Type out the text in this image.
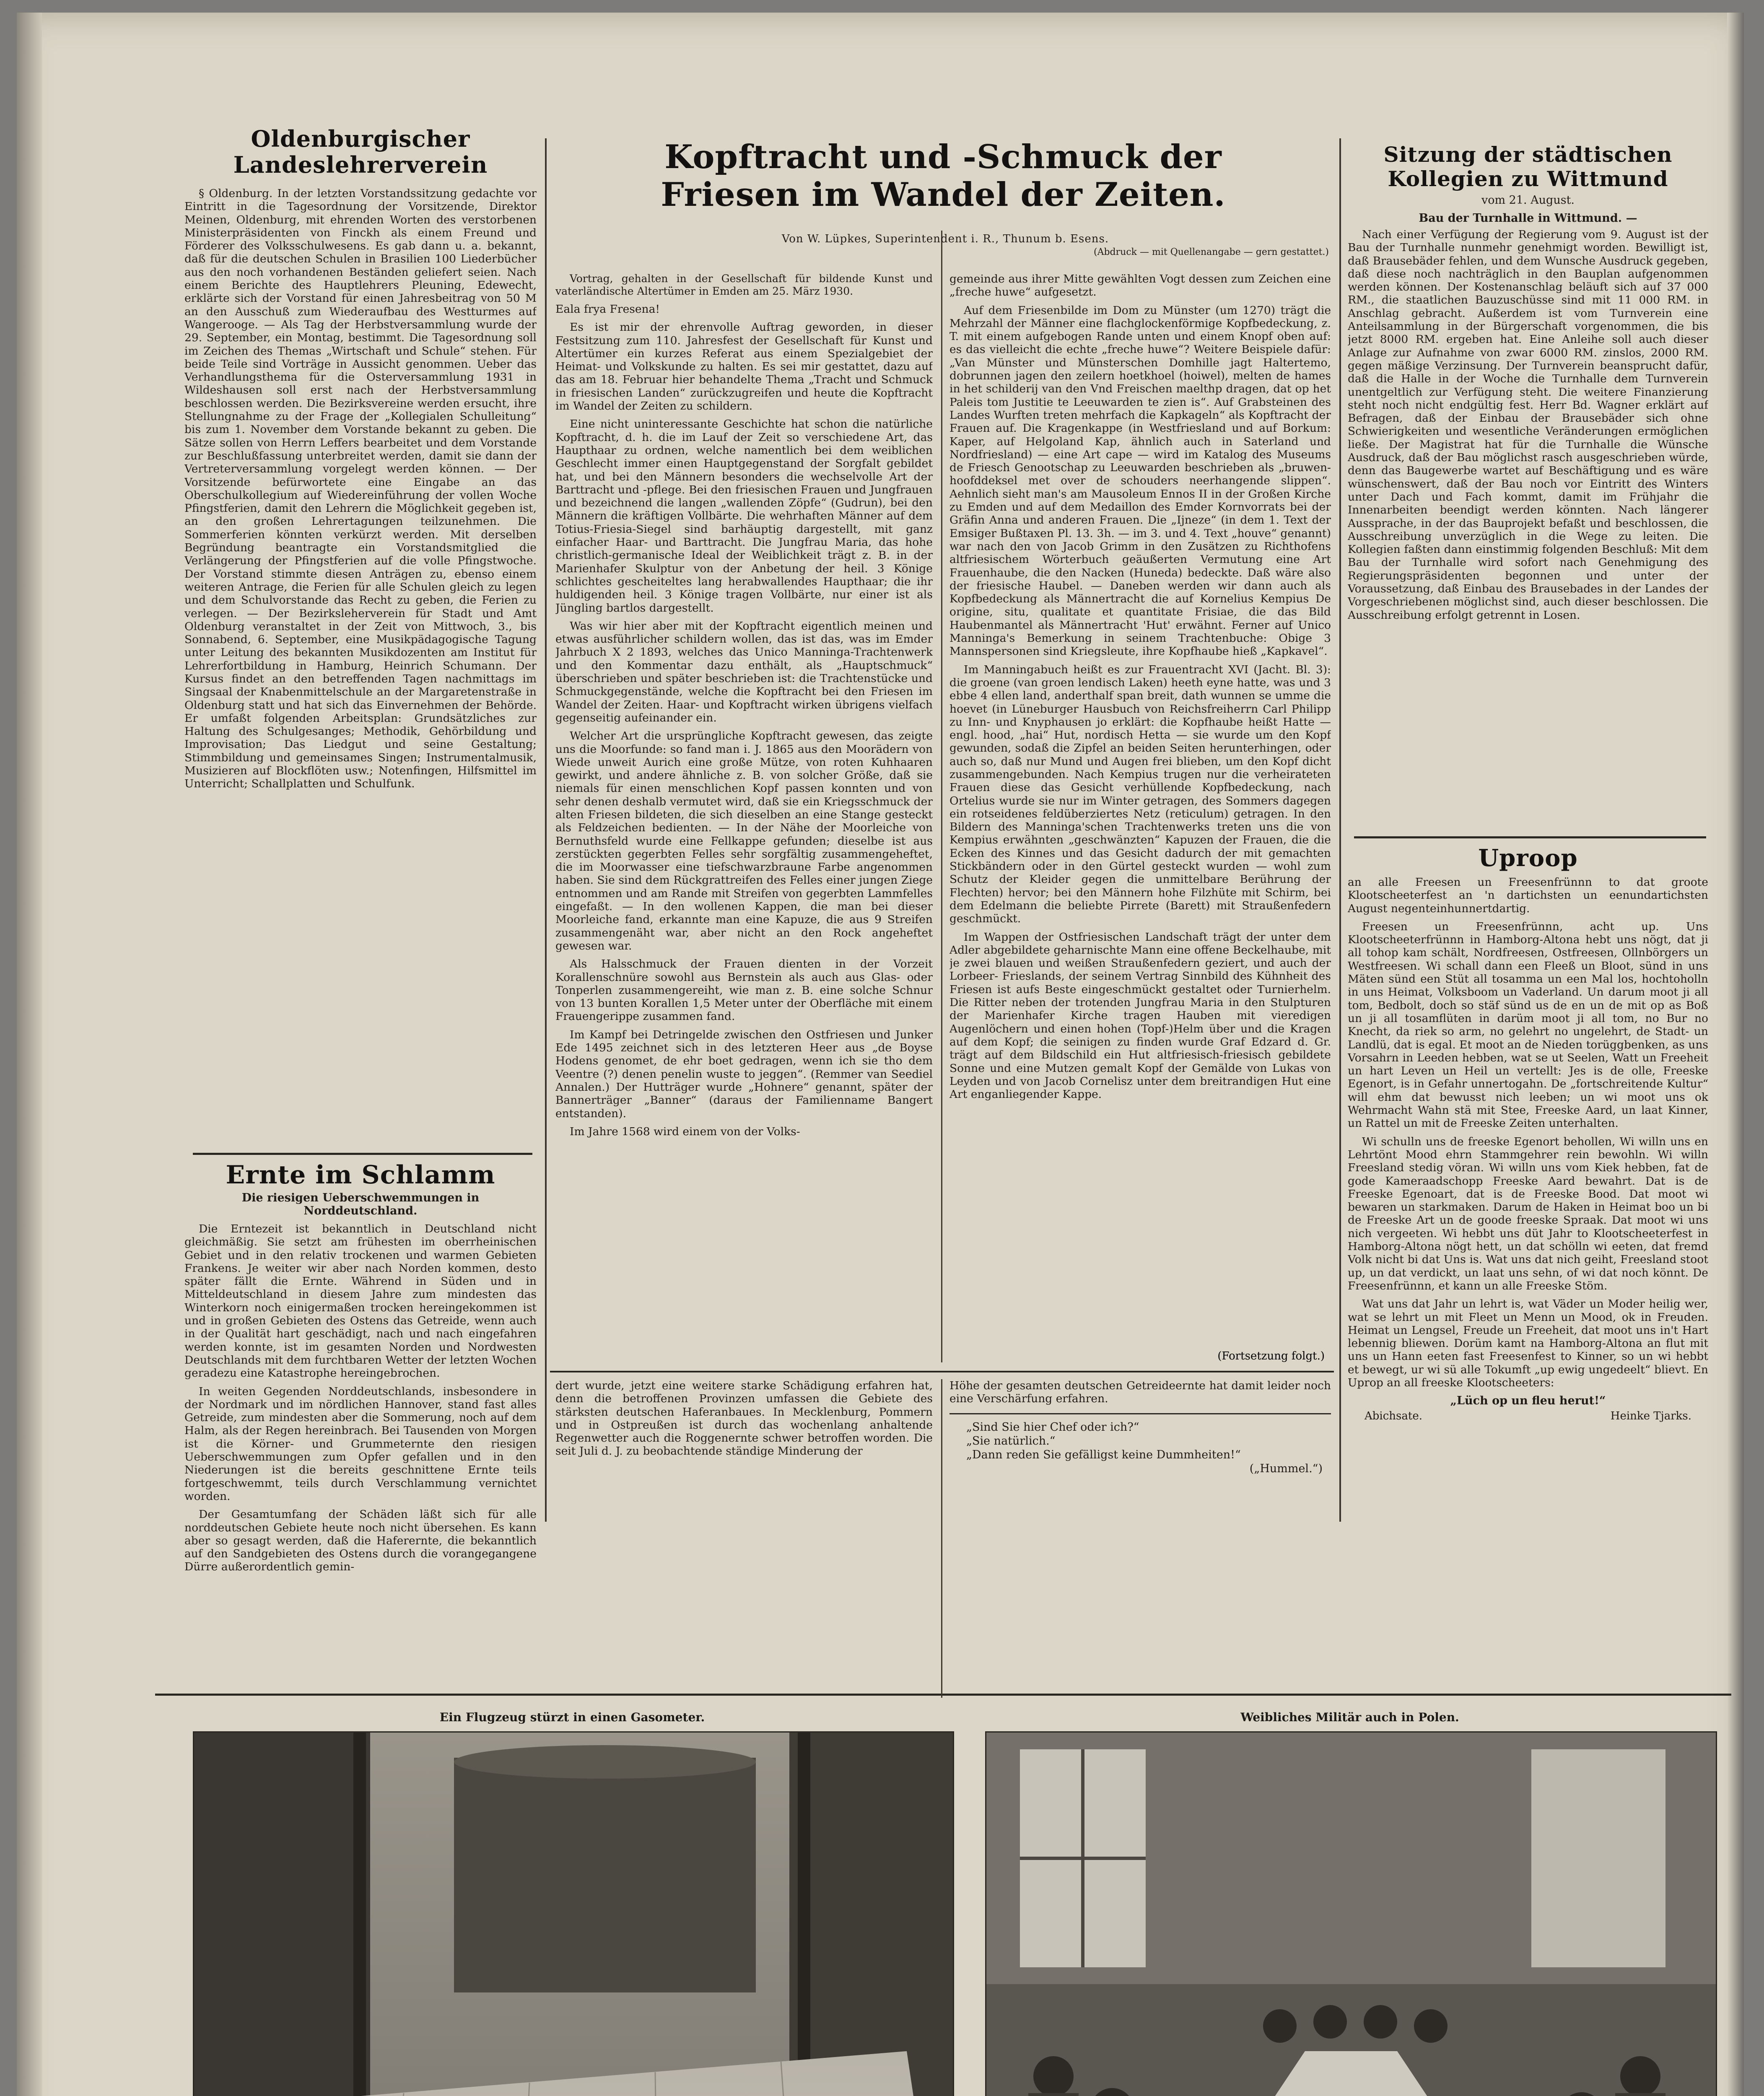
Oldenburgischer Landeslehrerverein

§ Oldenburg. In der letzten Vorstandssitzung gedachte vor Eintritt in die Tagesordnung der Vorsitzende, Direktor Meinen, Oldenburg, mit ehrenden Worten des verstorbenen Ministerpräsidenten von Finckh als einem Freund und Förderer des Volksschulwesens. Es gab dann u. a. bekannt, daß für die deutschen Schulen in Brasilien 100 Liederbücher aus den noch vorhandenen Beständen geliefert seien. Nach einem Berichte des Hauptlehrers Pleuning, Edewecht, erklärte sich der Vorstand für einen Jahresbeitrag von 50 M an den Ausschuß zum Wiederaufbau des Westturmes auf Wangerooge. — Als Tag der Herbstversammlung wurde der 29. September, ein Montag, bestimmt. Die Tagesordnung soll im Zeichen des Themas „Wirtschaft und Schule“ stehen. Für beide Teile sind Vorträge in Aussicht genommen. Ueber das Verhandlungsthema für die Osterversammlung 1931 in Wildeshausen soll erst nach der Herbstversammlung beschlossen werden. Die Bezirksvereine werden ersucht, ihre Stellungnahme zu der Frage der „Kollegialen Schulleitung“ bis zum 1. November dem Vorstande bekannt zu geben. Die Sätze sollen von Herrn Leffers bearbeitet und dem Vorstande zur Beschlußfassung unterbreitet werden, damit sie dann der Vertreterversammlung vorgelegt werden können. — Der Vorsitzende befürwortete eine Eingabe an das Oberschulkollegium auf Wiedereinführung der vollen Woche Pfingstferien, damit den Lehrern die Möglichkeit gegeben ist, an den großen Lehrertagungen teilzunehmen. Die Sommerferien könnten verkürzt werden. Mit derselben Begründung beantragte ein Vorstandsmitglied die Verlängerung der Pfingstferien auf die volle Pfingstwoche. Der Vorstand stimmte diesen Anträgen zu, ebenso einem weiteren Antrage, die Ferien für alle Schulen gleich zu legen und dem Schulvorstande das Recht zu geben, die Ferien zu verlegen. — Der Bezirksleherverein für Stadt und Amt Oldenburg veranstaltet in der Zeit von Mittwoch, 3., bis Sonnabend, 6. September, eine Musikpädagogische Tagung unter Leitung des bekannten Musikdozenten am Institut für Lehrerfortbildung in Hamburg, Heinrich Schumann. Der Kursus findet an den betreffenden Tagen nachmittags im Singsaal der Knabenmittelschule an der Margaretenstraße in Oldenburg statt und hat sich das Einvernehmen der Behörde. Er umfaßt folgenden Arbeitsplan: Grundsätzliches zur Haltung des Schulgesanges; Methodik, Gehörbildung und Improvisation; Das Liedgut und seine Gestaltung; Stimmbildung und gemeinsames Singen; Instrumentalmusik, Musizieren auf Blockflöten usw.; Notenfingen, Hilfsmittel im Unterricht; Schallplatten und Schulfunk.

Ernte im Schlamm
Die riesigen Ueberschwemmungen in Norddeutschland.

Die Erntezeit ist bekanntlich in Deutschland nicht gleichmäßig. Sie setzt am frühesten im oberrheinischen Gebiet und in den relativ trockenen und warmen Gebieten Frankens. Je weiter wir aber nach Norden kommen, desto später fällt die Ernte. Während in Süden und in Mitteldeutschland in diesem Jahre zum mindesten das Winterkorn noch einigermaßen trocken hereingekommen ist und in großen Gebieten des Ostens das Getreide, wenn auch in der Qualität hart geschädigt, nach und nach eingefahren werden konnte, ist im gesamten Norden und Nordwesten Deutschlands mit dem furchtbaren Wetter der letzten Wochen geradezu eine Katastrophe hereingebrochen.

In weiten Gegenden Norddeutschlands, insbesondere in der Nordmark und im nördlichen Hannover, stand fast alles Getreide, zum mindesten aber die Sommerung, noch auf dem Halm, als der Regen hereinbrach. Bei Tausenden von Morgen ist die Körner- und Grummeternte den riesigen Ueberschwemmungen zum Opfer gefallen und in den Niederungen ist die bereits geschnittene Ernte teils fortgeschwemmt, teils durch Verschlammung vernichtet worden.

Der Gesamtumfang der Schäden läßt sich für alle norddeutschen Gebiete heute noch nicht übersehen. Es kann aber so gesagt werden, daß die Haferernte, die bekanntlich auf den Sandgebieten des Ostens durch die vorangegangene Dürre außerordentlich gemin-

Kopftracht und -Schmuck der Friesen im Wandel der Zeiten.
Von W. Lüpkes, Superintendent i. R., Thunum b. Esens.
(Abdruck — mit Quellenangabe — gern gestattet.)

Vortrag, gehalten in der Gesellschaft für bildende Kunst und vaterländische Altertümer in Emden am 25. März 1930.

Eala frya Fresena!

Es ist mir der ehrenvolle Auftrag geworden, in dieser Festsitzung zum 110. Jahresfest der Gesellschaft für Kunst und Altertümer ein kurzes Referat aus einem Spezialgebiet der Heimat- und Volkskunde zu halten. Es sei mir gestattet, dazu auf das am 18. Februar hier behandelte Thema „Tracht und Schmuck in friesischen Landen“ zurückzugreifen und heute die Kopftracht im Wandel der Zeiten zu schildern.

Eine nicht uninteressante Geschichte hat schon die natürliche Kopftracht, d. h. die im Lauf der Zeit so verschiedene Art, das Haupthaar zu ordnen, welche namentlich bei dem weiblichen Geschlecht immer einen Hauptgegenstand der Sorgfalt gebildet hat, und bei den Männern besonders die wechselvolle Art der Barttracht und -pflege. Bei den friesischen Frauen und Jungfrauen und bezeichnend die langen „wallenden Zöpfe“ (Gudrun), bei den Männern die kräftigen Vollbärte. Die wehrhaften Männer auf dem Totius-Friesia-Siegel sind barhäuptig dargestellt, mit ganz einfacher Haar- und Barttracht. Die Jungfrau Maria, das hohe christlich-germanische Ideal der Weiblichkeit trägt z. B. in der Marienhafer Skulptur von der Anbetung der heil. 3 Könige schlichtes gescheiteltes lang herabwallendes Haupthaar; die ihr huldigenden heil. 3 Könige tragen Vollbärte, nur einer ist als Jüngling bartlos dargestellt.

Was wir hier aber mit der Kopftracht eigentlich meinen und etwas ausführlicher schildern wollen, das ist das, was im Emder Jahrbuch X 2 1893, welches das Unico Manninga-Trachtenwerk und den Kommentar dazu enthält, als „Hauptschmuck“ überschrieben und später beschrieben ist: die Trachtenstücke und Schmuckgegenstände, welche die Kopftracht bei den Friesen im Wandel der Zeiten. Haar- und Kopftracht wirken übrigens vielfach gegenseitig aufeinander ein.

Welcher Art die ursprüngliche Kopftracht gewesen, das zeigte uns die Moorfunde: so fand man i. J. 1865 aus den Moorädern von Wiede unweit Aurich eine große Mütze, von roten Kuhhaaren gewirkt, und andere ähnliche z. B. von solcher Größe, daß sie niemals für einen menschlichen Kopf passen konnten und von sehr denen deshalb vermutet wird, daß sie ein Kriegsschmuck der alten Friesen bildeten, die sich dieselben an eine Stange gesteckt als Feldzeichen bedienten. — In der Nähe der Moorleiche von Bernuthsfeld wurde eine Fellkappe gefunden; dieselbe ist aus zerstückten gegerbten Felles sehr sorgfältig zusammengeheftet, die im Moorwasser eine tiefschwarzbraune Farbe angenommen haben. Sie sind dem Rückgrattreifen des Felles einer jungen Ziege entnommen und am Rande mit Streifen von gegerbten Lammfelles eingefaßt. — In den wollenen Kappen, die man bei dieser Moorleiche fand, erkannte man eine Kapuze, die aus 9 Streifen zusammengenäht war, aber nicht an den Rock angeheftet gewesen war.

Als Halsschmuck der Frauen dienten in der Vorzeit Korallenschnüre sowohl aus Bernstein als auch aus Glas- oder Tonperlen zusammengereiht, wie man z. B. eine solche Schnur von 13 bunten Korallen 1,5 Meter unter der Oberfläche mit einem Frauengerippe zusammen fand.

Im Kampf bei Detringelde zwischen den Ostfriesen und Junker Ede 1495 zeichnet sich in des letzteren Heer aus „de Boyse Hodens genomet, de ehr boet gedragen, wenn ich sie tho dem Veentre (?) denen penelin wuste to jeggen“. (Remmer van Seediel Annalen.) Der Hutträger wurde „Hohnere“ genannt, später der Bannerträger „Banner“ (daraus der Familienname Bangert entstanden).

Im Jahre 1568 wird einem von der Volks-

gemeinde aus ihrer Mitte gewählten Vogt dessen zum Zeichen eine „freche huwe“ aufgesetzt.

Auf dem Friesenbilde im Dom zu Münster (um 1270) trägt die Mehrzahl der Männer eine flachglockenförmige Kopfbedeckung, z. T. mit einem aufgebogen Rande unten und einem Knopf oben auf: es das vielleicht die echte „freche huwe“? Weitere Beispiele dafür: „Van Münster und Münsterschen Domhille jagt Haltertemo, dobrunnen jagen den zeilern hoetkhoel (hoiwel), melten de hames in het schilderij van den Vnd Freischen maelthp dragen, dat op het Paleis tom Justitie te Leeuwarden te zien is“. Auf Grabsteinen des Landes Wurften treten mehrfach die Kapkageln“ als Kopftracht der Frauen auf. Die Kragenkappe (in Westfriesland und auf Borkum: Kaper, auf Helgoland Kap, ähnlich auch in Saterland und Nordfriesland) — eine Art cape — wird im Katalog des Museums de Friesch Genootschap zu Leeuwarden beschrieben als „bruwen-hoofddeksel met over de schouders neerhangende slippen“. Aehnlich sieht man's am Mausoleum Ennos II in der Großen Kirche zu Emden und auf dem Medaillon des Emder Kornvorrats bei der Gräfin Anna und anderen Frauen. Die „Ijneze“ (in dem 1. Text der Emsiger Bußtaxen Pl. 13. 3h. — im 3. und 4. Text „houve“ genannt) war nach den von Jacob Grimm in den Zusätzen zu Richthofens altfriesischem Wörterbuch geäußerten Vermutung eine Art Frauenhaube, die den Nacken (Huneda) bedeckte. Daß wäre also der friesische Haubel. — Daneben werden wir dann auch als Kopfbedeckung als Männertracht die auf Kornelius Kempius De origine, situ, qualitate et quantitate Frisiae, die das Bild Haubenmantel als Männertracht 'Hut' erwähnt. Ferner auf Unico Manninga's Bemerkung in seinem Trachtenbuche: Obige 3 Mannspersonen sind Kriegsleute, ihre Kopfhaube hieß „Kapkavel“.

Im Manningabuch heißt es zur Frauentracht XVI (Jacht. Bl. 3): die groene (van groen lendisch Laken) heeth eyne hatte, was und 3 ebbe 4 ellen land, anderthalf span breit, dath wunnen se umme die hoevet (in Lüneburger Hausbuch von Reichsfreiherrn Carl Philipp zu Inn- und Knyphausen jo erklärt: die Kopfhaube heißt Hatte — engl. hood, „hai“ Hut, nordisch Hetta — sie wurde um den Kopf gewunden, sodaß die Zipfel an beiden Seiten herunterhingen, oder auch so, daß nur Mund und Augen frei blieben, um den Kopf dicht zusammengebunden. Nach Kempius trugen nur die verheirateten Frauen diese das Gesicht verhüllende Kopfbedeckung, nach Ortelius wurde sie nur im Winter getragen, des Sommers dagegen ein rotseidenes feldüberziertes Netz (reticulum) getragen. In den Bildern des Manninga'schen Trachtenwerks treten uns die von Kempius erwähnten „geschwänzten“ Kapuzen der Frauen, die die Ecken des Kinnes und das Gesicht dadurch der mit gemachten Stickbändern oder in den Gürtel gesteckt wurden — wohl zum Schutz der Kleider gegen die unmittelbare Berührung der Flechten) hervor; bei den Männern hohe Filzhüte mit Schirm, bei dem Edelmann die beliebte Pirrete (Barett) mit Straußenfedern geschmückt.

Im Wappen der Ostfriesischen Landschaft trägt der unter dem Adler abgebildete geharnischte Mann eine offene Beckelhaube, mit je zwei blauen und weißen Straußenfedern geziert, und auch der Lorbeer- Frieslands, der seinem Vertrag Sinnbild des Kühnheit des Friesen ist aufs Beste eingeschmückt gestaltet oder Turnierhelm. Die Ritter neben der trotenden Jungfrau Maria in den Stulpturen der Marienhafer Kirche tragen Hauben mit vieredigen Augenlöchern und einen hohen (Topf-)Helm über und die Kragen auf dem Kopf; die seinigen zu finden wurde Graf Edzard d. Gr. trägt auf dem Bildschild ein Hut altfriesisch-friesisch gebildete Sonne und eine Mutzen gemalt Kopf der Gemälde von Lukas von Leyden und von Jacob Cornelisz unter dem breitrandigen Hut eine Art enganliegender Kappe.

(Fortsetzung folgt.)
Sitzung der städtischen Kollegien zu Wittmund
vom 21. August.
Bau der Turnhalle in Wittmund. —

Nach einer Verfügung der Regierung vom 9. August ist der Bau der Turnhalle nunmehr genehmigt worden. Bewilligt ist, daß Brausebäder fehlen, und dem Wunsche Ausdruck gegeben, daß diese noch nachträglich in den Bauplan aufgenommen werden können. Der Kostenanschlag beläuft sich auf 37 000 RM., die staatlichen Bauzuschüsse sind mit 11 000 RM. in Anschlag gebracht. Außerdem ist vom Turnverein eine Anteilsammlung in der Bürgerschaft vorgenommen, die bis jetzt 8000 RM. ergeben hat. Eine Anleihe soll auch dieser Anlage zur Aufnahme von zwar 6000 RM. zinslos, 2000 RM. gegen mäßige Verzinsung. Der Turnverein beansprucht dafür, daß die Halle in der Woche die Turnhalle dem Turnverein unentgeltlich zur Verfügung steht. Die weitere Finanzierung steht noch nicht endgültig fest. Herr Bd. Wagner erklärt auf Befragen, daß der Einbau der Brausebäder sich ohne Schwierigkeiten und wesentliche Veränderungen ermöglichen ließe. Der Magistrat hat für die Turnhalle die Wünsche Ausdruck, daß der Bau möglichst rasch ausgeschrieben würde, denn das Baugewerbe wartet auf Beschäftigung und es wäre wünschenswert, daß der Bau noch vor Eintritt des Winters unter Dach und Fach kommt, damit im Frühjahr die Innenarbeiten beendigt werden könnten. Nach längerer Aussprache, in der das Bauprojekt befaßt und beschlossen, die Ausschreibung unverzüglich in die Wege zu leiten. Die Kollegien faßten dann einstimmig folgenden Beschluß: Mit dem Bau der Turnhalle wird sofort nach Genehmigung des Regierungspräsidenten begonnen und unter der Voraussetzung, daß Einbau des Brausebades in der Landes der Vorgeschriebenen möglichst sind, auch dieser beschlossen. Die Ausschreibung erfolgt getrennt in Losen.

Uproop

an alle Freesen un Freesenfrünnn to dat groote Klootscheeterfest an 'n dartichsten un eenundartichsten August negenteinhunnertdartig.

Freesen un Freesenfrünnn, acht up. Uns Klootscheeterfrünnn in Hamborg-Altona hebt uns nögt, dat ji all tohop kam schält, Nordfreesen, Ostfreesen, Ollnbörgers un Westfreesen. Wi schall dann een Fleeß un Bloot, sünd in uns Mäten sünd een Stüt all tosamma un een Mal los, hochtoholln in uns Heimat, Volksboom un Vaderland. Un darum moot ji all tom, Bedbolt, doch so stäf sünd us de en un de mit op as Boß un ji all tosamflüten in darüm moot ji all tom, no Bur no Knecht, da riek so arm, no gelehrt no ungelehrt, de Stadt- un Landlü, dat is egal. Et moot an de Nieden torüggbenken, as uns Vorsahrn in Leeden hebben, wat se ut Seelen, Watt un Freeheit un hart Leven un Heil un vertellt: Jes is de olle, Freeske Egenort, is in Gefahr unnertogahn. De „fortschreitende Kultur“ will ehm dat bewusst nich leeben; un wi moot uns ok Wehrmacht Wahn stä mit Stee, Freeske Aard, un laat Kinner, un Rattel un mit de Freeske Zeiten unterhalten.

Wi schulln uns de freeske Egenort behollen, Wi willn uns en Lehrtönt Mood ehrn Stammgehrer rein bewohln. Wi willn Freesland stedig vöran. Wi willn uns vom Kiek hebben, fat de gode Kameraadschopp Freeske Aard bewahrt. Dat is de Freeske Egenoart, dat is de Freeske Bood. Dat moot wi bewaren un starkmaken. Darum de Haken in Heimat boo un bi de Freeske Art un de goode freeske Spraak. Dat moot wi uns nich vergeeten. Wi hebbt uns düt Jahr to Klootscheeterfest in Hamborg-Altona nögt hett, un dat schölln wi eeten, dat fremd Volk nicht bi dat Uns is. Wat uns dat nich geiht, Freesland stoot up, un dat verdickt, un laat uns sehn, of wi dat noch könnt. De Freesenfrünnn, et kann un alle Freeske Stöm.

Wat uns dat Jahr un lehrt is, wat Väder un Moder heilig wer, wat se lehrt un mit Fleet un Menn un Mood, ok in Freuden. Heimat un Lengsel, Freude un Freeheit, dat moot uns in't Hart lebennig bliewen. Dorüm kamt na Hamborg-Altona an flut mit uns un Hann eeten fast Freesenfest to Kinner, so un wi hebbt et bewegt, ur wi sü alle Tokumft „up ewig ungedeelt“ blievt. En Uprop an all freeske Klootscheeters:

„Lüch op un fleu herut!“
Abichsate.	Heinke Tjarks.

dert wurde, jetzt eine weitere starke Schädigung erfahren hat, denn die betroffenen Provinzen umfassen die Gebiete des stärksten deutschen Haferanbaues. In Mecklenburg, Pommern und in Ostpreußen ist durch das wochenlang anhaltende Regenwetter auch die Roggenernte schwer betroffen worden. Die seit Juli d. J. zu beobachtende ständige Minderung der

Höhe der gesamten deutschen Getreideernte hat damit leider noch eine Verschärfung erfahren.

„Sind Sie hier Chef oder ich?“
„Sie natürlich.“
„Dann reden Sie gefälligst keine Dummheiten!“
(„Hummel.“)
Ein Flugzeug stürzt in einen Gasometer.	Weibliches Militär auch in Polen.
